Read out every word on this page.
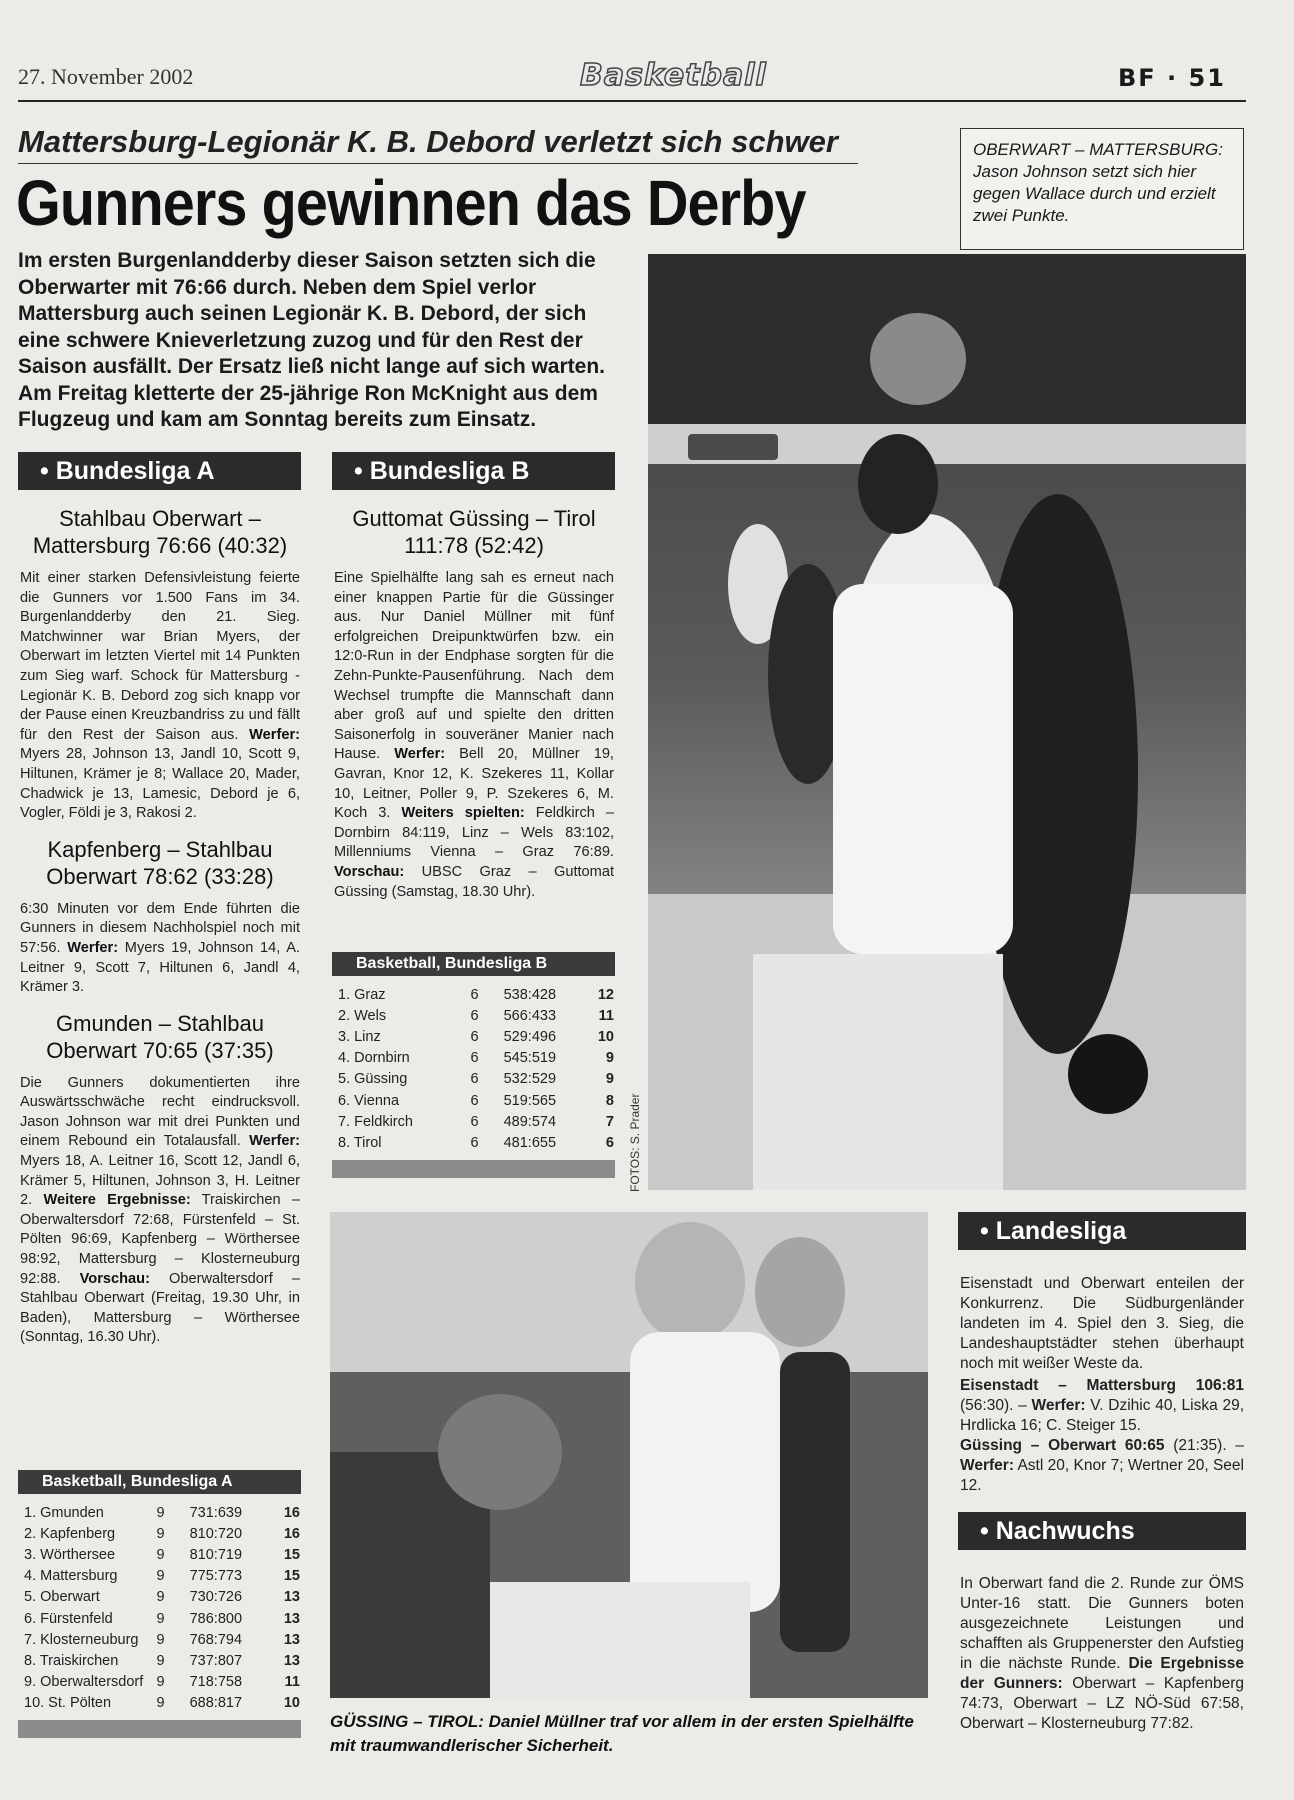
27. November 2002	Basketball	BF · 51
Mattersburg-Legionär K. B. Debord verletzt sich schwer
Gunners gewinnen das Derby
Im ersten Burgenlandderby dieser Saison setzten sich die Oberwarter mit 76:66 durch. Neben dem Spiel verlor Mattersburg auch seinen Legionär K. B. Debord, der sich eine schwere Knieverletzung zuzog und für den Rest der Saison ausfällt. Der Ersatz ließ nicht lange auf sich warten. Am Freitag kletterte der 25-jährige Ron McKnight aus dem Flugzeug und kam am Sonntag bereits zum Einsatz.
OBERWART – MATTERSBURG: Jason Johnson setzt sich hier gegen Wallace durch und erzielt zwei Punkte.
FOTOS: S. Prader
GÜSSING – TIROL: Daniel Müllner traf vor allem in der ersten Spielhälfte mit traumwandlerischer Sicherheit.
• Bundesliga A
Stahlbau Oberwart –
Mattersburg 76:66 (40:32)
Mit einer starken Defensivleistung feierte die Gunners vor 1.500 Fans im 34. Burgenlandderby den 21. Sieg. Matchwinner war Brian Myers, der Oberwart im letzten Viertel mit 14 Punkten zum Sieg warf. Schock für Mattersburg - Legionär K. B. Debord zog sich knapp vor der Pause einen Kreuzbandriss zu und fällt für den Rest der Saison aus. Werfer: Myers 28, Johnson 13, Jandl 10, Scott 9, Hiltunen, Krämer je 8; Wallace 20, Mader, Chadwick je 13, Lamesic, Debord je 6, Vogler, Földi je 3, Rakosi 2.
Kapfenberg – Stahlbau
Oberwart 78:62 (33:28)
6:30 Minuten vor dem Ende führten die Gunners in diesem Nachholspiel noch mit 57:56. Werfer: Myers 19, Johnson 14, A. Leitner 9, Scott 7, Hiltunen 6, Jandl 4, Krämer 3.
Gmunden – Stahlbau
Oberwart 70:65 (37:35)
Die Gunners dokumentierten ihre Auswärtsschwäche recht eindrucksvoll. Jason Johnson war mit drei Punkten und einem Rebound ein Totalausfall. Werfer: Myers 18, A. Leitner 16, Scott 12, Jandl 6, Krämer 5, Hiltunen, Johnson 3, H. Leitner 2. Weitere Ergebnisse: Traiskirchen – Oberwaltersdorf 72:68, Fürstenfeld – St. Pölten 96:69, Kapfenberg – Wörthersee 98:92, Mattersburg – Klosterneuburg 92:88. Vorschau: Oberwaltersdorf – Stahlbau Oberwart (Freitag, 19.30 Uhr, in Baden), Mattersburg – Wörthersee (Sonntag, 16.30 Uhr).
Basketball, Bundesliga A
1. Gmunden	9	731:639	16
2. Kapfenberg	9	810:720	16
3. Wörthersee	9	810:719	15
4. Mattersburg	9	775:773	15
5. Oberwart	9	730:726	13
6. Fürstenfeld	9	786:800	13
7. Klosterneuburg	9	768:794	13
8. Traiskirchen	9	737:807	13
9. Oberwaltersdorf	9	718:758	11
10. St. Pölten	9	688:817	10
• Bundesliga B
Guttomat Güssing – Tirol
111:78 (52:42)
Eine Spielhälfte lang sah es erneut nach einer knappen Partie für die Güssinger aus. Nur Daniel Müllner mit fünf erfolgreichen Dreipunktwürfen bzw. ein 12:0-Run in der Endphase sorgten für die Zehn-Punkte-Pausenführung. Nach dem Wechsel trumpfte die Mannschaft dann aber groß auf und spielte den dritten Saisonerfolg in souveräner Manier nach Hause. Werfer: Bell 20, Müllner 19, Gavran, Knor 12, K. Szekeres 11, Kollar 10, Leitner, Poller 9, P. Szekeres 6, M. Koch 3. Weiters spielten: Feldkirch – Dornbirn 84:119, Linz – Wels 83:102, Millenniums Vienna – Graz 76:89. Vorschau: UBSC Graz – Guttomat Güssing (Samstag, 18.30 Uhr).
Basketball, Bundesliga B
1. Graz	6	538:428	12
2. Wels	6	566:433	11
3. Linz	6	529:496	10
4. Dornbirn	6	545:519	9
5. Güssing	6	532:529	9
6. Vienna	6	519:565	8
7. Feldkirch	6	489:574	7
8. Tirol	6	481:655	6
• Landesliga
Eisenstadt und Oberwart enteilen der Konkurrenz. Die Südburgenländer landeten im 4. Spiel den 3. Sieg, die Landeshauptstädter stehen überhaupt noch mit weißer Weste da.
Eisenstadt – Mattersburg 106:81 (56:30). – Werfer: V. Dzihic 40, Liska 29, Hrdlicka 16; C. Steiger 15.
Güssing – Oberwart 60:65 (21:35). – Werfer: Astl 20, Knor 7; Wertner 20, Seel 12.
• Nachwuchs
In Oberwart fand die 2. Runde zur ÖMS Unter-16 statt. Die Gunners boten ausgezeichnete Leistungen und schafften als Gruppenerster den Aufstieg in die nächste Runde. Die Ergebnisse der Gunners: Oberwart – Kapfenberg 74:73, Oberwart – LZ NÖ-Süd 67:58, Oberwart – Klosterneuburg 77:82.
